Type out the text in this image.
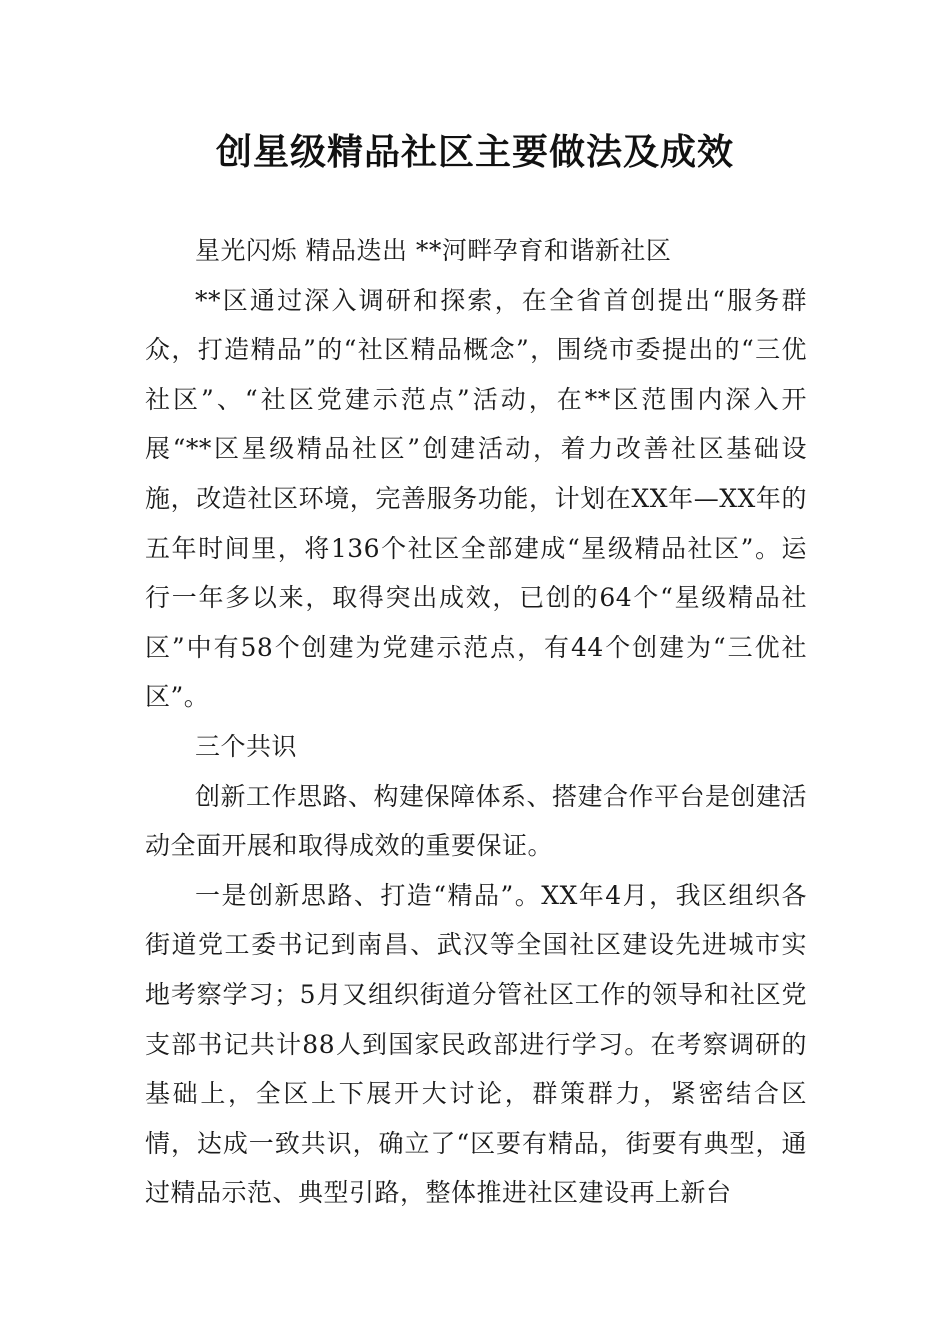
创星级精品社区主要做法及成效

星光闪烁 精品迭出 **河畔孕育和谐新社区

**区通过深入调研和探索，在全省首创提出“服务群众，打造精品”的“社区精品概念”，围绕市委提出的“三优社区”、“社区党建示范点”活动，在**区范围内深入开展“**区星级精品社区”创建活动，着力改善社区基础设施，改造社区环境，完善服务功能，计划在XX年—XX年的五年时间里，将136个社区全部建成“星级精品社区”。运行一年多以来，取得突出成效，已创的64个“星级精品社区”中有58个创建为党建示范点，有44个创建为“三优社区”。

三个共识

创新工作思路、构建保障体系、搭建合作平台是创建活动全面开展和取得成效的重要保证。

一是创新思路、打造“精品”。XX年4月，我区组织各街道党工委书记到南昌、武汉等全国社区建设先进城市实地考察学习；5月又组织街道分管社区工作的领导和社区党支部书记共计88人到国家民政部进行学习。在考察调研的基础上，全区上下展开大讨论，群策群力，紧密结合区情，达成一致共识，确立了“区要有精品，街要有典型，通过精品示范、典型引路，整体推进社区建设再上新台
